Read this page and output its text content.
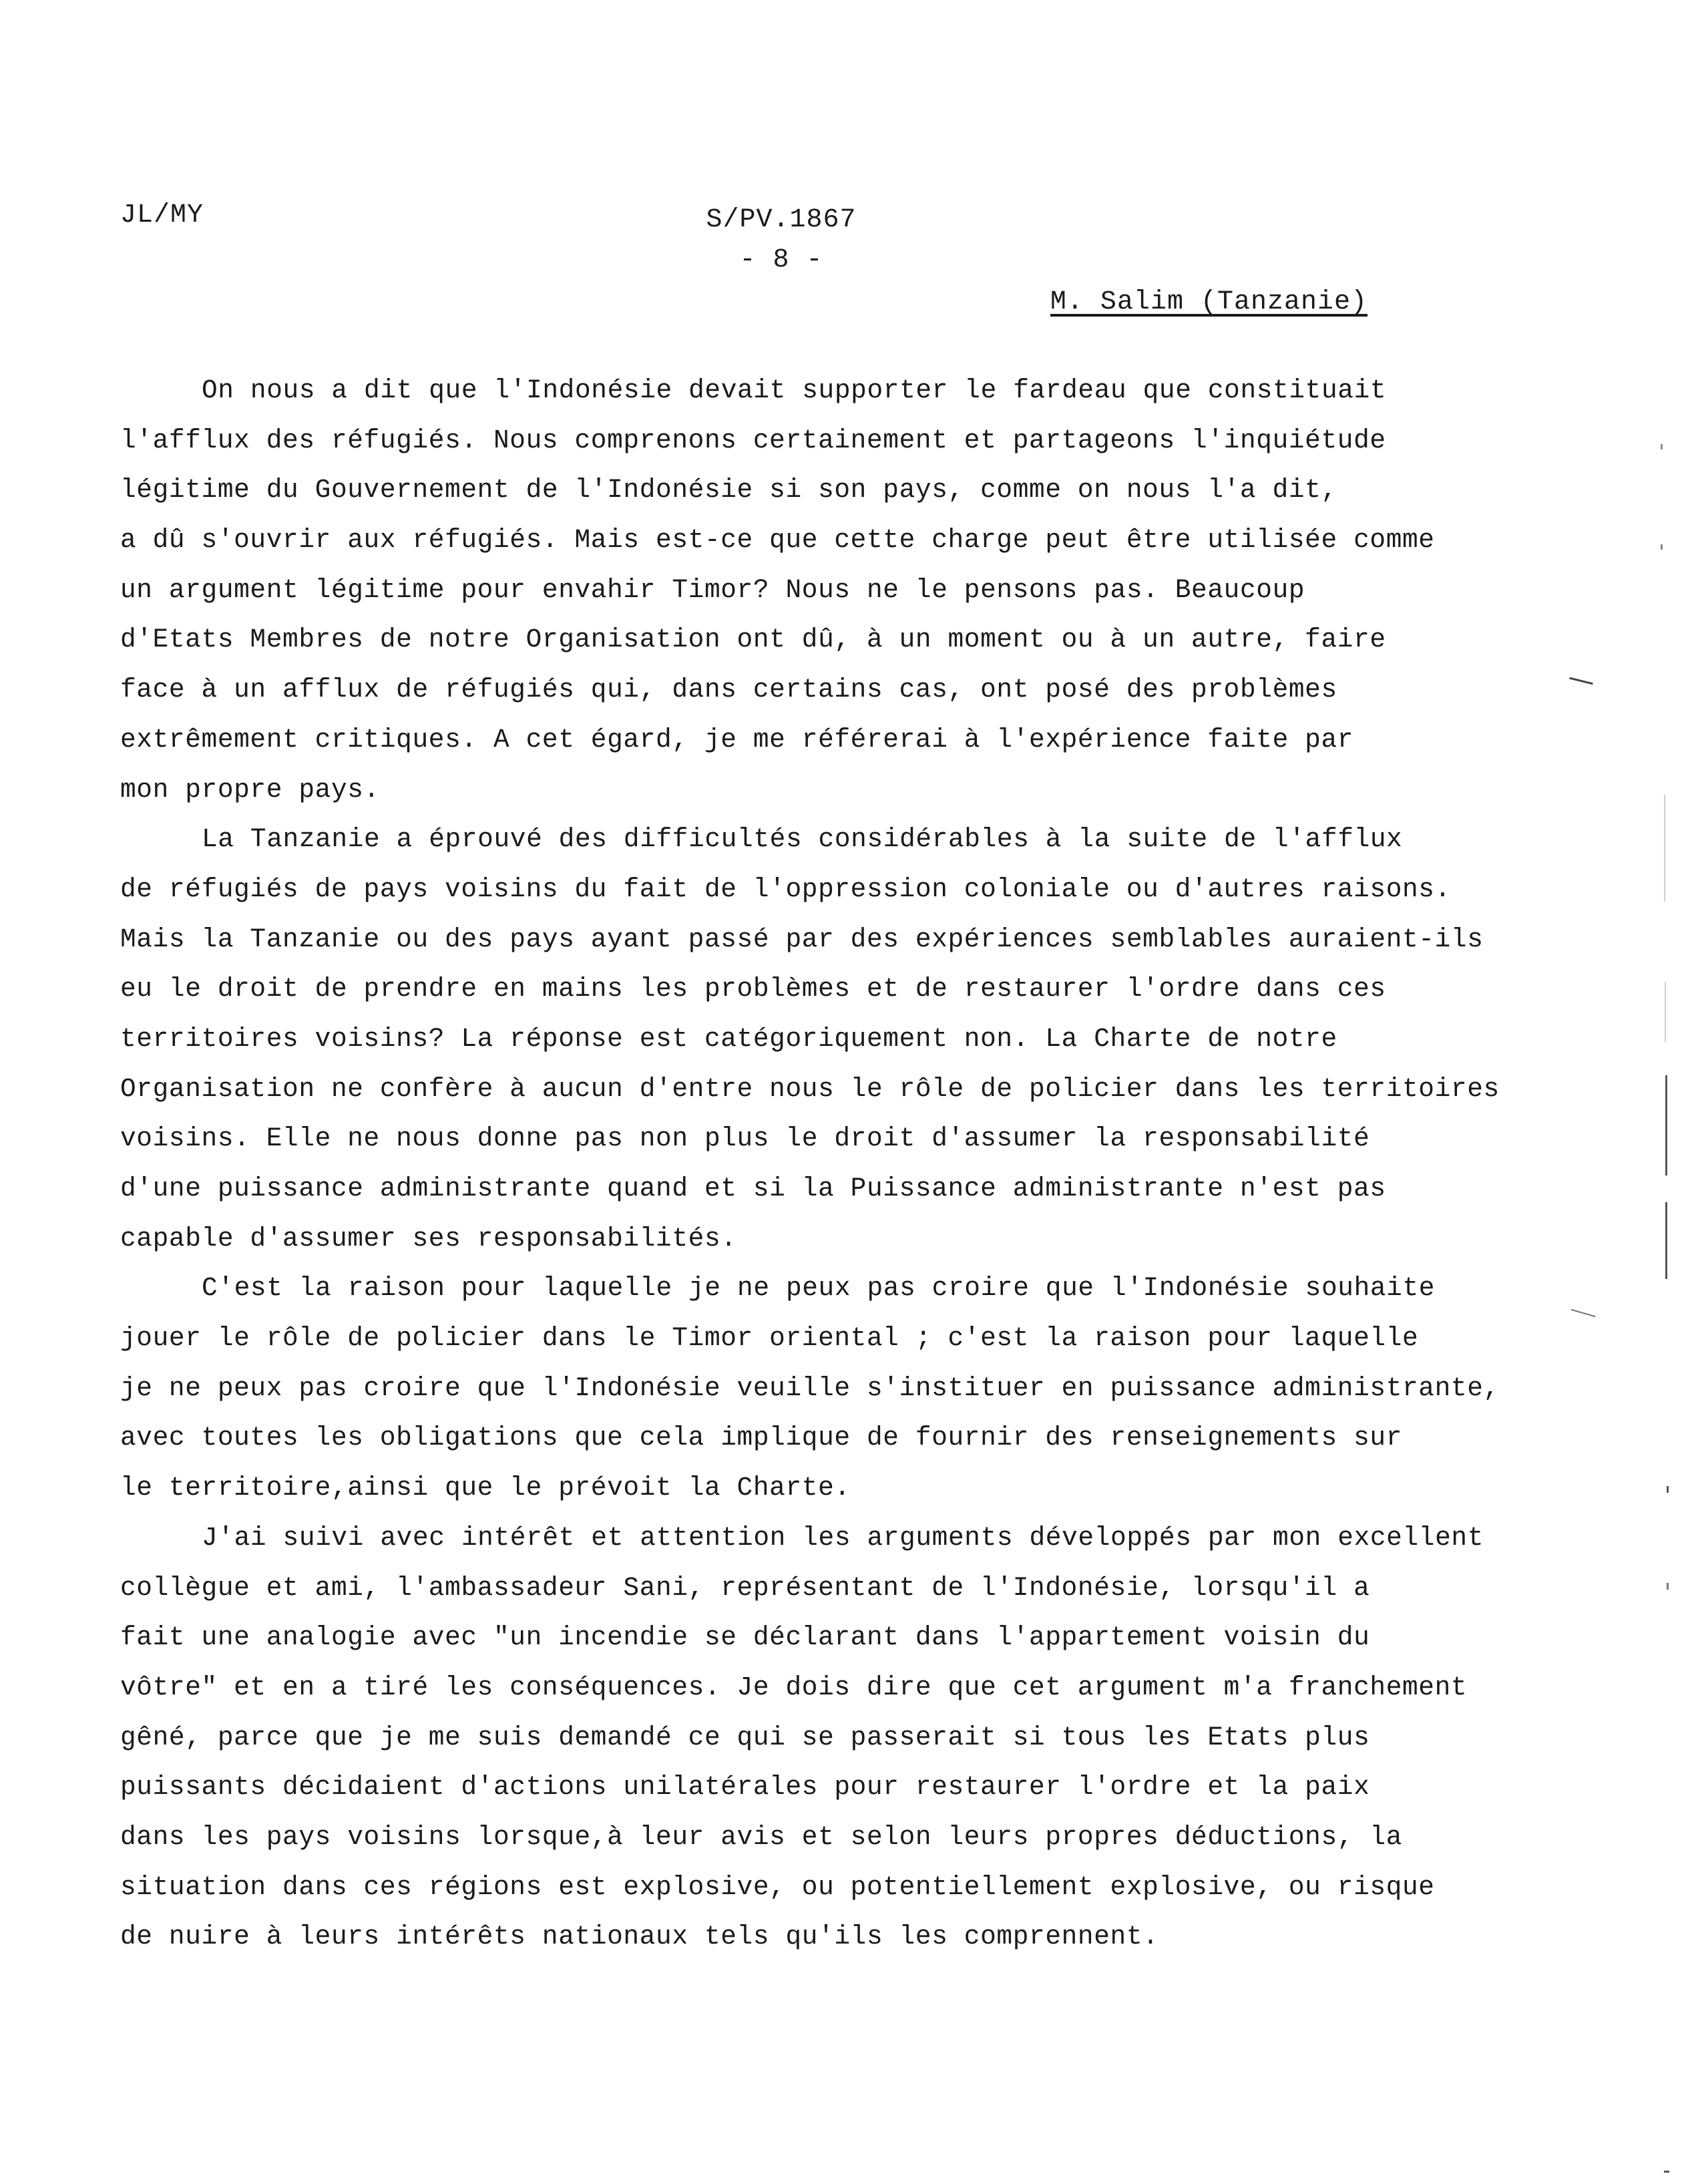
JL/MY	S/PV.1867
- 8 -
M. Salim (Tanzanie)
On nous a dit que l'Indonésie devait supporter le fardeau que constituait
l'afflux des réfugiés. Nous comprenons certainement et partageons l'inquiétude
légitime du Gouvernement de l'Indonésie si son pays, comme on nous l'a dit,
a dû s'ouvrir aux réfugiés. Mais est-ce que cette charge peut être utilisée comme
un argument légitime pour envahir Timor? Nous ne le pensons pas. Beaucoup
d'Etats Membres de notre Organisation ont dû, à un moment ou à un autre, faire
face à un afflux de réfugiés qui, dans certains cas, ont posé des problèmes
extrêmement critiques. A cet égard, je me référerai à l'expérience faite par
mon propre pays.
La Tanzanie a éprouvé des difficultés considérables à la suite de l'afflux
de réfugiés de pays voisins du fait de l'oppression coloniale ou d'autres raisons.
Mais la Tanzanie ou des pays ayant passé par des expériences semblables auraient-ils
eu le droit de prendre en mains les problèmes et de restaurer l'ordre dans ces
territoires voisins? La réponse est catégoriquement non. La Charte de notre
Organisation ne confère à aucun d'entre nous le rôle de policier dans les territoires
voisins. Elle ne nous donne pas non plus le droit d'assumer la responsabilité
d'une puissance administrante quand et si la Puissance administrante n'est pas
capable d'assumer ses responsabilités.
C'est la raison pour laquelle je ne peux pas croire que l'Indonésie souhaite
jouer le rôle de policier dans le Timor oriental ; c'est la raison pour laquelle
je ne peux pas croire que l'Indonésie veuille s'instituer en puissance administrante,
avec toutes les obligations que cela implique de fournir des renseignements sur
le territoire,ainsi que le prévoit la Charte.
J'ai suivi avec intérêt et attention les arguments développés par mon excellent
collègue et ami, l'ambassadeur Sani, représentant de l'Indonésie, lorsqu'il a
fait une analogie avec "un incendie se déclarant dans l'appartement voisin du
vôtre" et en a tiré les conséquences. Je dois dire que cet argument m'a franchement
gêné, parce que je me suis demandé ce qui se passerait si tous les Etats plus
puissants décidaient d'actions unilatérales pour restaurer l'ordre et la paix
dans les pays voisins lorsque,à leur avis et selon leurs propres déductions, la
situation dans ces régions est explosive, ou potentiellement explosive, ou risque
de nuire à leurs intérêts nationaux tels qu'ils les comprennent.
